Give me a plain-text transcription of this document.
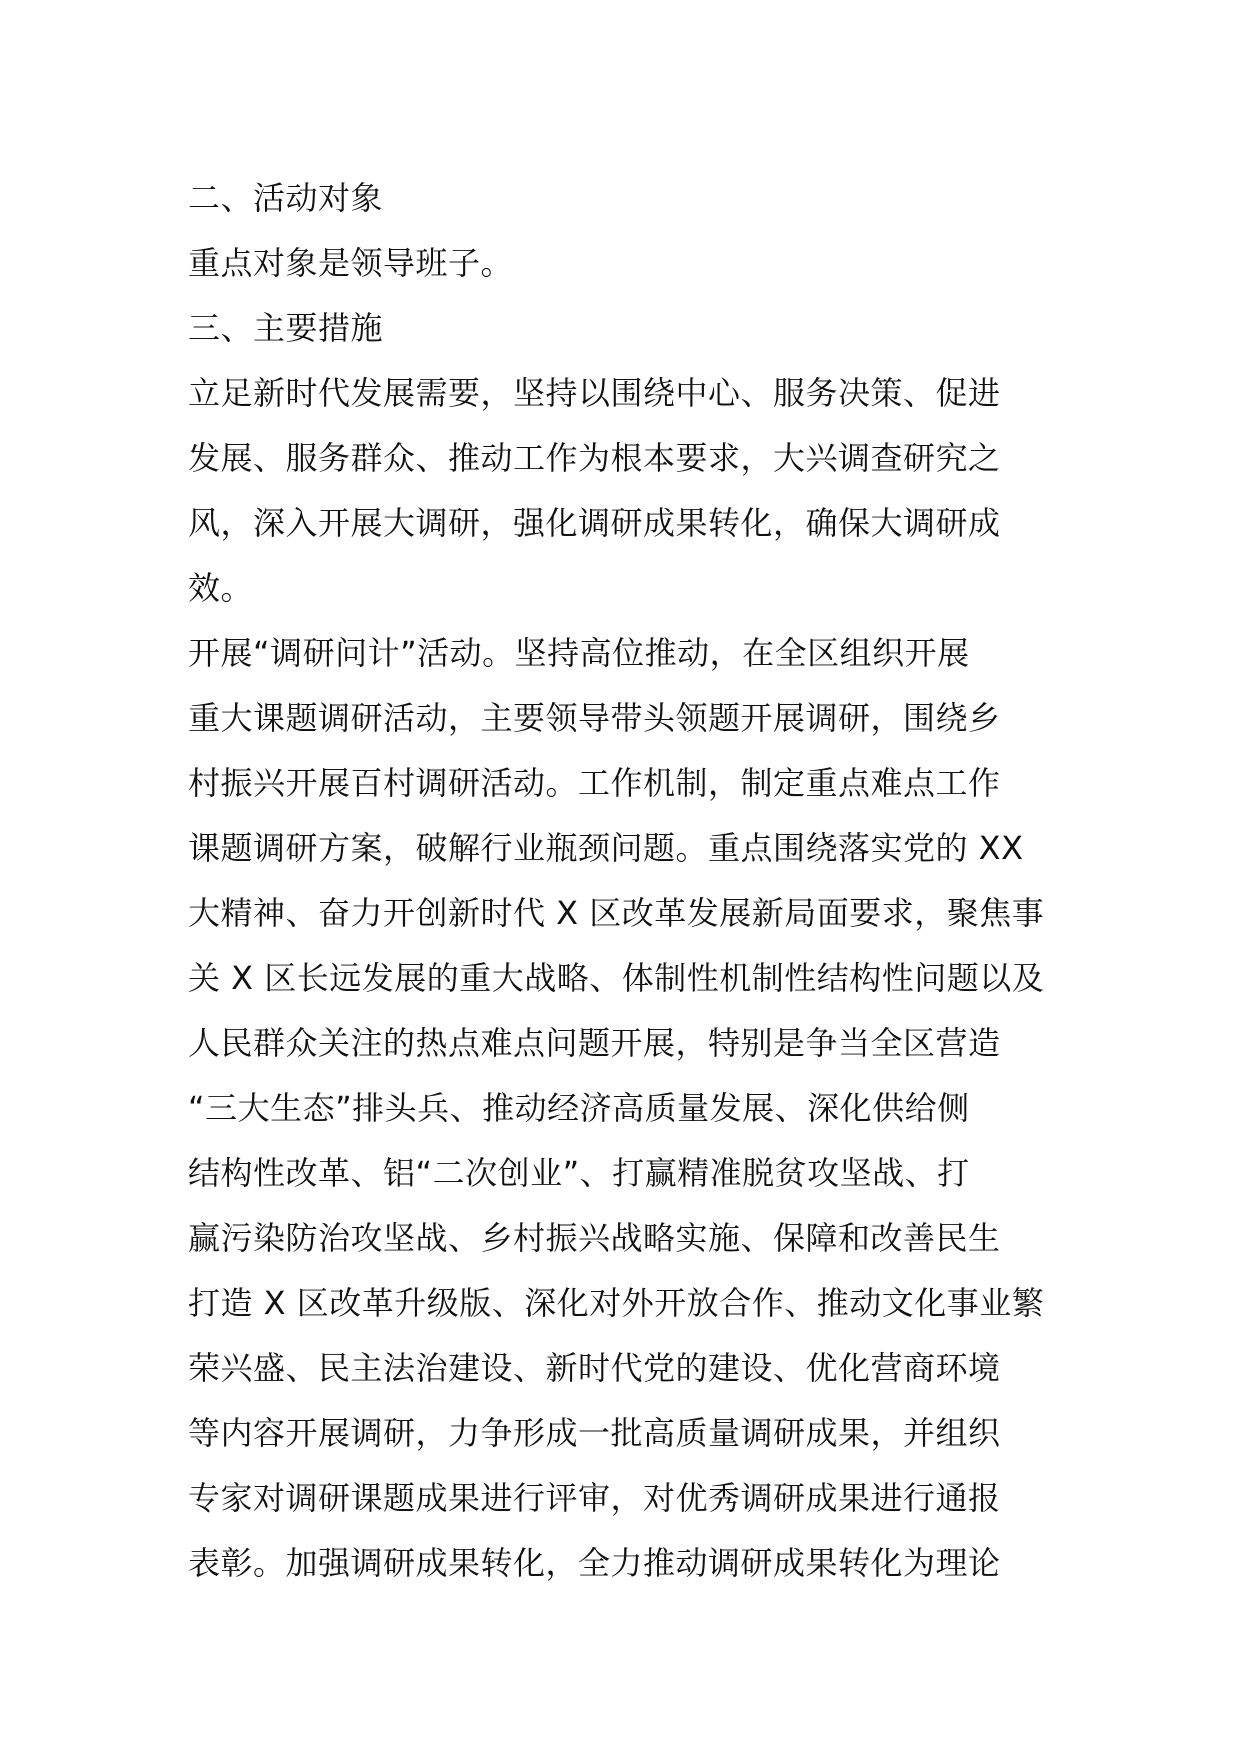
二、活动对象
重点对象是领导班子。
三、主要措施
立足新时代发展需要，坚持以围绕中心、服务决策、促进
发展、服务群众、推动工作为根本要求，大兴调查研究之
风，深入开展大调研，强化调研成果转化，确保大调研成
效。
开展“调研问计”活动。坚持高位推动，在全区组织开展
重大课题调研活动，主要领导带头领题开展调研，围绕乡
村振兴开展百村调研活动。工作机制，制定重点难点工作
课题调研方案，破解行业瓶颈问题。重点围绕落实党的 XX
大精神、奋力开创新时代 X 区改革发展新局面要求，聚焦事
关 X 区长远发展的重大战略、体制性机制性结构性问题以及
人民群众关注的热点难点问题开展，特别是争当全区营造
“三大生态”排头兵、推动经济高质量发展、深化供给侧
结构性改革、铝“二次创业”、打赢精准脱贫攻坚战、打
赢污染防治攻坚战、乡村振兴战略实施、保障和改善民生
打造 X 区改革升级版、深化对外开放合作、推动文化事业繁
荣兴盛、民主法治建设、新时代党的建设、优化营商环境
等内容开展调研，力争形成一批高质量调研成果，并组织
专家对调研课题成果进行评审，对优秀调研成果进行通报
表彰。加强调研成果转化，全力推动调研成果转化为理论
